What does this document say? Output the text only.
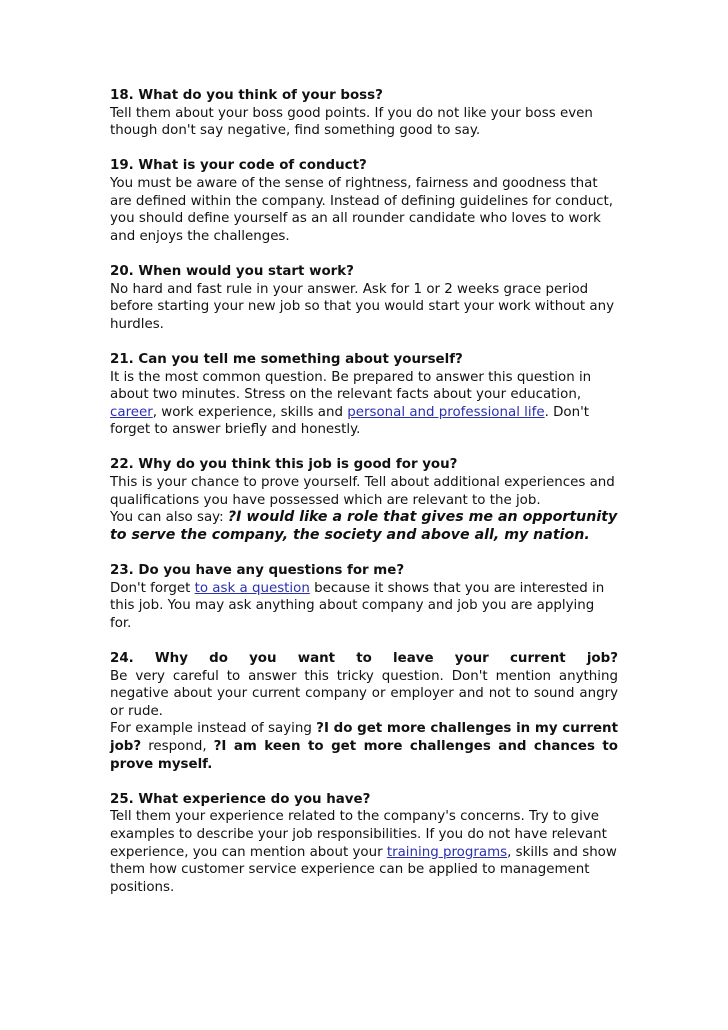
18. What do you think of your boss?

Tell them about your boss good points. If you do not like your boss even though don't say negative, find something good to say.

19. What is your code of conduct?

You must be aware of the sense of rightness, fairness and goodness that are defined within the company. Instead of defining guidelines for conduct, you should define yourself as an all rounder candidate who loves to work and enjoys the challenges.

20. When would you start work?

No hard and fast rule in your answer. Ask for 1 or 2 weeks grace period before starting your new job so that you would start your work without any hurdles.

21. Can you tell me something about yourself?

It is the most common question. Be prepared to answer this question in about two minutes. Stress on the relevant facts about your education, career, work experience, skills and personal and professional life. Don't forget to answer briefly and honestly.

22. Why do you think this job is good for you?

This is your chance to prove yourself. Tell about additional experiences and qualifications you have possessed which are relevant to the job.

You can also say: ?I would like a role that gives me an opportunity to serve the company, the society and above all, my nation.

23. Do you have any questions for me?

Don't forget to ask a question because it shows that you are interested in this job. You may ask anything about company and job you are applying for.

24. Why do you want to leave your current job?

Be very careful to answer this tricky question. Don't mention anything negative about your current company or employer and not to sound angry or rude.

For example instead of saying ?I do get more challenges in my current job? respond, ?I am keen to get more challenges and chances to prove myself.

25. What experience do you have?

Tell them your experience related to the company's concerns. Try to give examples to describe your job responsibilities. If you do not have relevant experience, you can mention about your training programs, skills and show them how customer service experience can be applied to management positions.
